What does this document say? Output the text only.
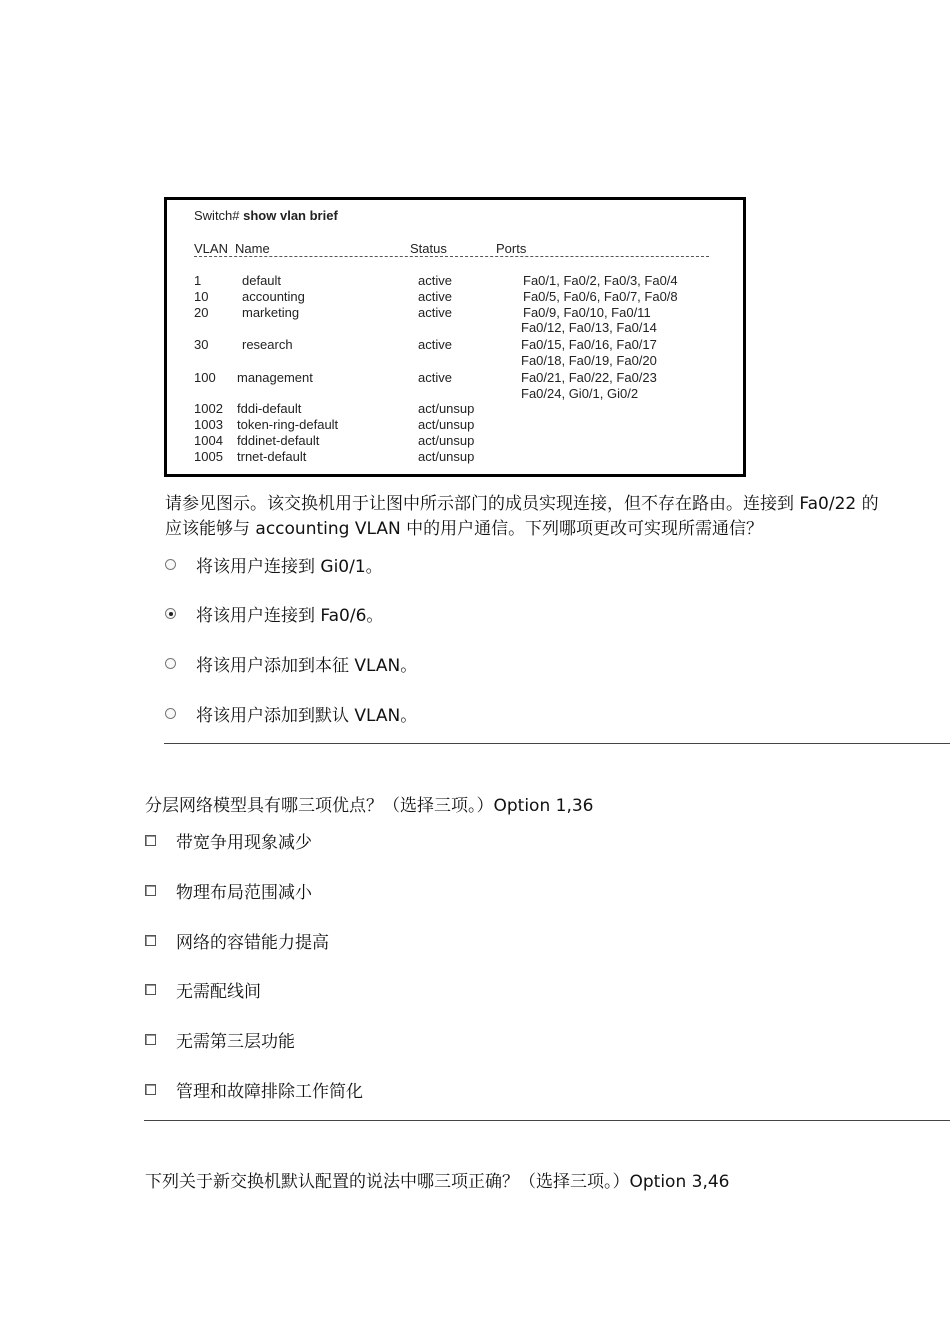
Switch# show vlan brief
VLAN Name	Status	Ports
1	default	active	Fa0/1, Fa0/2, Fa0/3, Fa0/4
10	accounting	active	Fa0/5, Fa0/6, Fa0/7, Fa0/8
20	marketing	active	Fa0/9, Fa0/10, Fa0/11
Fa0/12, Fa0/13, Fa0/14
30	research	active	Fa0/15, Fa0/16, Fa0/17
Fa0/18, Fa0/19, Fa0/20
100 management	active	Fa0/21, Fa0/22, Fa0/23
Fa0/24, Gi0/1, Gi0/2
1002 fddi-default	act/unsup
1003 token-ring-default	act/unsup
1004 fddinet-default	act/unsup
1005 trnet-default	act/unsup
请参见图示。该交换机用于让图中所示部门的成员实现连接，但不存在路由。连接到 Fa0/22 的
应该能够与 accounting VLAN 中的用户通信。下列哪项更改可实现所需通信？
将该用户连接到 Gi0/1。
将该用户连接到 Fa0/6。
将该用户添加到本征 VLAN。
将该用户添加到默认 VLAN。
分层网络模型具有哪三项优点？（选择三项。）Option 1,36
带宽争用现象减少
物理布局范围减小
网络的容错能力提高
无需配线间
无需第三层功能
管理和故障排除工作简化
下列关于新交换机默认配置的说法中哪三项正确？（选择三项。）Option 3,46
